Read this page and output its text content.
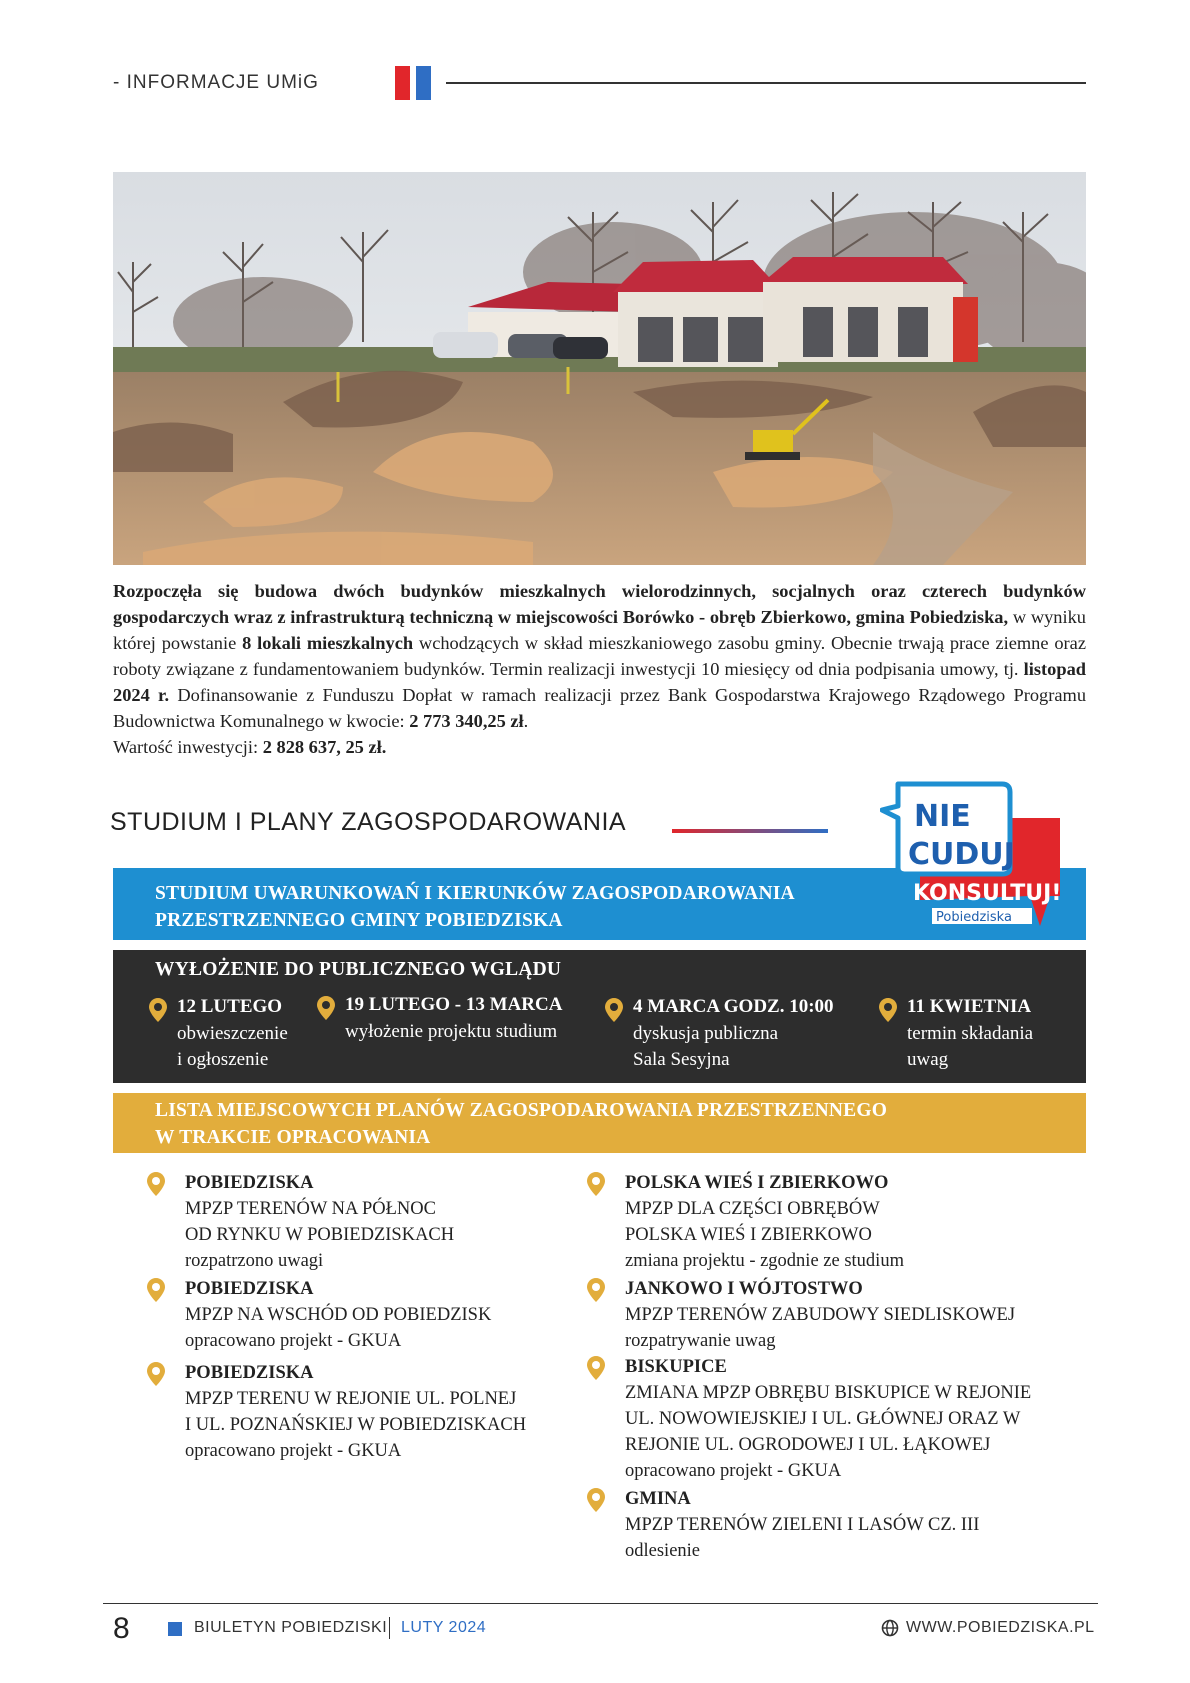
- INFORMACJE UMiG
Rozpoczęła się budowa dwóch budynków mieszkalnych wielorodzinnych, socjalnych oraz czterech budynków gospodarczych wraz z infrastrukturą techniczną w miejscowości Borówko - obręb Zbierkowo, gmina Pobiedziska, w wyniku której powstanie 8 lokali mieszkalnych wchodzących w skład mieszkaniowego zasobu gminy. Obecnie trwają prace ziemne oraz roboty związane z fundamentowaniem budynków. Termin realizacji inwestycji 10 miesięcy od dnia podpisania umowy, tj. listopad 2024 r. Dofinansowanie z Funduszu Dopłat w ramach realizacji przez Bank Gospodarstwa Krajowego Rządowego Programu Budownictwa Komunalnego w kwocie: 2 773 340,25 zł.
Wartość inwestycji: 2 828 637, 25 zł.
STUDIUM I PLANY ZAGOSPODAROWANIA
STUDIUM UWARUNKOWAŃ I KIERUNKÓW ZAGOSPODAROWANIA
PRZESTRZENNEGO GMINY POBIEDZISKA
NIE
CUDUJ
KONSULTUJ!
Pobiedziska
WYŁOŻENIE DO PUBLICZNEGO WGLĄDU
12 LUTEGO
obwieszczenie
i ogłoszenie
19 LUTEGO - 13 MARCA
wyłożenie projektu studium
4 MARCA GODZ. 10:00
dyskusja publiczna
Sala Sesyjna
11 KWIETNIA
termin składania
uwag
LISTA MIEJSCOWYCH PLANÓW ZAGOSPODAROWANIA PRZESTRZENNEGO
W TRAKCIE OPRACOWANIA
POBIEDZISKA
MPZP TERENÓW NA PÓŁNOC
OD RYNKU W POBIEDZISKACH
rozpatrzono uwagi
POBIEDZISKA
MPZP NA WSCHÓD OD POBIEDZISK
opracowano projekt - GKUA
POBIEDZISKA
MPZP TERENU W REJONIE UL. POLNEJ
I UL. POZNAŃSKIEJ W POBIEDZISKACH
opracowano projekt - GKUA
POLSKA WIEŚ I ZBIERKOWO
MPZP DLA CZĘŚCI OBRĘBÓW
POLSKA WIEŚ I ZBIERKOWO
zmiana projektu - zgodnie ze studium
JANKOWO I WÓJTOSTWO
MPZP TERENÓW ZABUDOWY SIEDLISKOWEJ
rozpatrywanie uwag
BISKUPICE
ZMIANA MPZP OBRĘBU BISKUPICE W REJONIE
UL. NOWOWIEJSKIEJ I UL. GŁÓWNEJ ORAZ W
REJONIE UL. OGRODOWEJ I UL. ŁĄKOWEJ
opracowano projekt - GKUA
GMINA
MPZP TERENÓW ZIELENI I LASÓW CZ. III
odlesienie
8	BIULETYN POBIEDZISKI LUTY 2024	WWW.POBIEDZISKA.PL
